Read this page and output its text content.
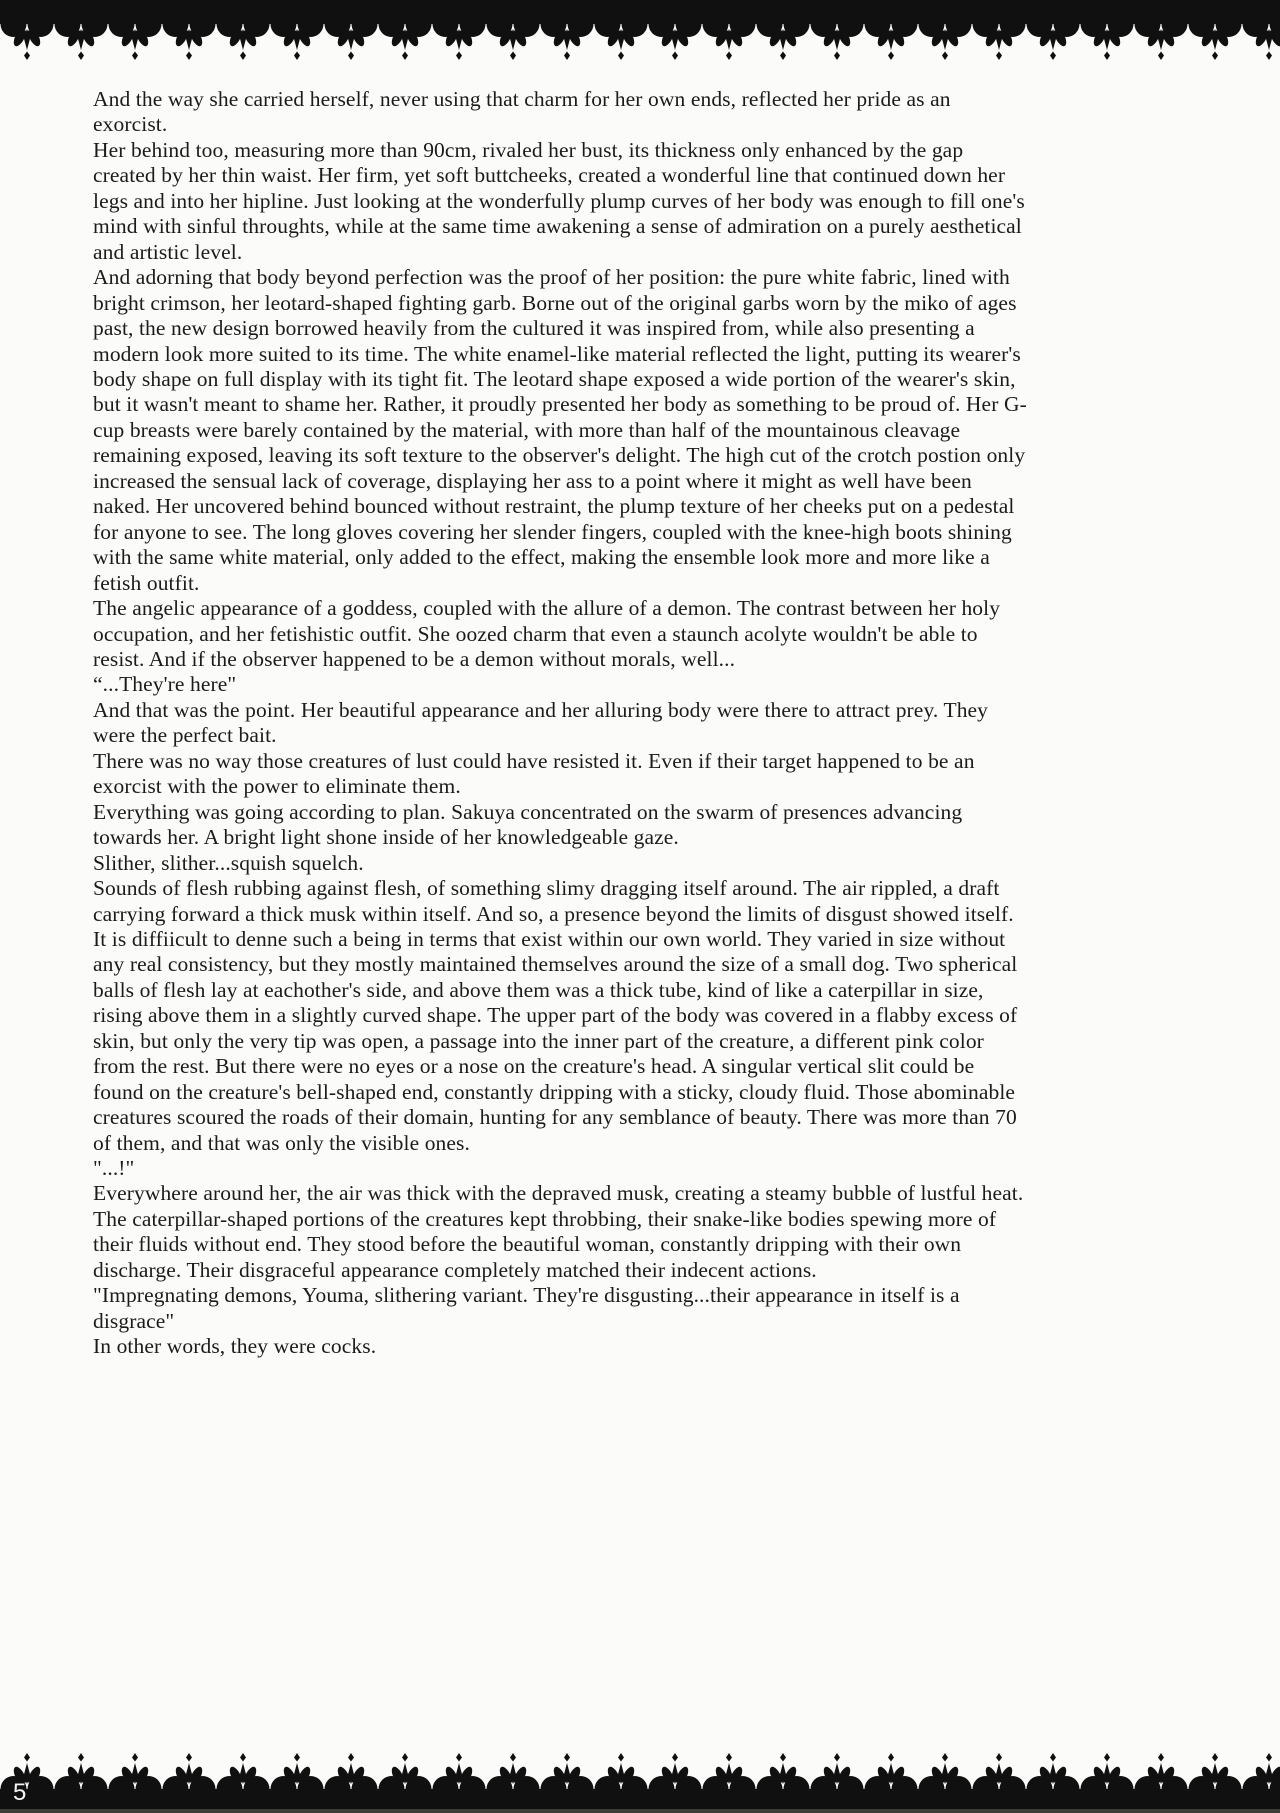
And the way she carried herself, never using that charm for her own ends, reflected her pride as an exorcist.

Her behind too, measuring more than 90cm, rivaled her bust, its thickness only enhanced by the gap created by her thin waist. Her firm, yet soft buttcheeks, created a wonderful line that continued down her legs and into her hipline. Just looking at the wonderfully plump curves of her body was enough to fill one's mind with sinful throughts, while at the same time awakening a sense of admiration on a purely aesthetical and artistic level.

And adorning that body beyond perfection was the proof of her position: the pure white fabric, lined with bright crimson, her leotard-shaped fighting garb. Borne out of the original garbs worn by the miko of ages past, the new design borrowed heavily from the cultured it was inspired from, while also presenting a modern look more suited to its time. The white enamel-like material reflected the light, putting its wearer's body shape on full display with its tight fit. The leotard shape exposed a wide portion of the wearer's skin, but it wasn't meant to shame her. Rather, it proudly presented her body as something to be proud of. Her G-cup breasts were barely contained by the material, with more than half of the mountainous cleavage remaining exposed, leaving its soft texture to the observer's delight. The high cut of the crotch postion only increased the sensual lack of coverage, displaying her ass to a point where it might as well have been naked. Her uncovered behind bounced without restraint, the plump texture of her cheeks put on a pedestal for anyone to see. The long gloves covering her slender fingers, coupled with the knee-high boots shining with the same white material, only added to the effect, making the ensemble look more and more like a fetish outfit.

The angelic appearance of a goddess, coupled with the allure of a demon. The contrast between her holy occupation, and her fetishistic outfit. She oozed charm that even a staunch acolyte wouldn't be able to resist. And if the observer happened to be a demon without morals, well...

“...They're here"

And that was the point. Her beautiful appearance and her alluring body were there to attract prey. They were the perfect bait.

There was no way those creatures of lust could have resisted it. Even if their target happened to be an exorcist with the power to eliminate them.

Everything was going according to plan. Sakuya concentrated on the swarm of presences advancing towards her. A bright light shone inside of her knowledgeable gaze.

Slither, slither...squish squelch.

Sounds of flesh rubbing against flesh, of something slimy dragging itself around. The air rippled, a draft carrying forward a thick musk within itself. And so, a presence beyond the limits of disgust showed itself. It is diffiicult to denne such a being in terms that exist within our own world. They varied in size without any real consistency, but they mostly maintained themselves around the size of a small dog. Two spherical balls of flesh lay at eachother's side, and above them was a thick tube, kind of like a caterpillar in size, rising above them in a slightly curved shape. The upper part of the body was covered in a flabby excess of skin, but only the very tip was open, a passage into the inner part of the creature, a different pink color from the rest. But there were no eyes or a nose on the creature's head. A singular vertical slit could be found on the creature's bell-shaped end, constantly dripping with a sticky, cloudy fluid. Those abominable creatures scoured the roads of their domain, hunting for any semblance of beauty. There was more than 70 of them, and that was only the visible ones.

"...!"

Everywhere around her, the air was thick with the depraved musk, creating a steamy bubble of lustful heat. The caterpillar-shaped portions of the creatures kept throbbing, their snake-like bodies spewing more of their fluids without end. They stood before the beautiful woman, constantly dripping with their own discharge. Their disgraceful appearance completely matched their indecent actions.

"Impregnating demons, Youma, slithering variant. They're disgusting...their appearance in itself is a disgrace"

In other words, they were cocks.

5
